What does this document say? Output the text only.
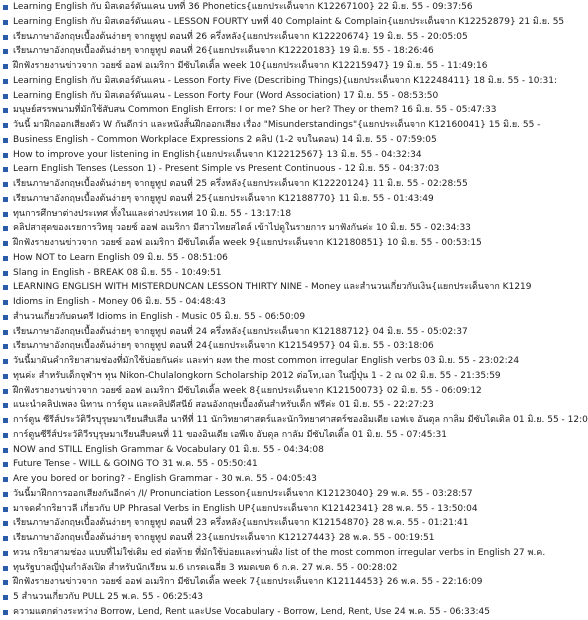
Learning English กับ มิสเตอร์ดันแคน บทที่ 36 Phonetics{แยกประเด็นจาก K12267100} 22 มิ.ย. 55 - 09:37:56
Learning English กับ มิสเตอร์ดันแคน - LESSON FOURTY บทที่ 40 Complaint & Complain{แยกประเด็นจาก K12252879} 21 มิ.ย. 55
เรียนภาษาอังกฤษเบื้องต้นง่ายๆ จากยูทูป ตอนที่ 26 ครึ่งหลัง{แยกประเด็นจาก K12220674} 19 มิ.ย. 55 - 20:05:05
เรียนภาษาอังกฤษเบื้องต้นง่ายๆ จากยูทูป ตอนที่ 26{แยกประเด็นจาก K12220183} 19 มิ.ย. 55 - 18:26:46
ฝึกฟังรายงานข่าวจาก วอยซ์ ออฟ อเมริกา มีซับไตเติ้ล week 10{แยกประเด็นจาก K12215947} 19 มิ.ย. 55 - 11:49:16
Learning English กับ มิสเตอร์ดันแคน - Lesson Forty Five (Describing Things){แยกประเด็นจาก K12248411} 18 มิ.ย. 55 - 10:31:
Learning English กับ มิสเตอร์ดันแคน - Lesson Forty Four (Word Association) 17 มิ.ย. 55 - 08:53:50
มนุษย์สรรพนามที่มักใช้สับสน Common English Errors: I or me? She or her? They or them? 16 มิ.ย. 55 - 05:47:33
วันนี้ มาฝึกออกเสียงตัว W กันดีกว่า และหนังสั้นฝึกออกเสียง เรื่อง "Misunderstandings"{แยกประเด็นจาก K12160041} 15 มิ.ย. 55 -
Business English - Common Workplace Expressions 2 คลิป (1-2 จบในตอน) 14 มิ.ย. 55 - 07:59:05
How to improve your listening in English{แยกประเด็นจาก K12212567} 13 มิ.ย. 55 - 04:32:34
Learn English Tenses (Lesson 1) - Present Simple vs Present Continuous - 12 มิ.ย. 55 - 04:37:03
เรียนภาษาอังกฤษเบื้องต้นง่ายๆ จากยูทูป ตอนที่ 25 ครึ่งหลัง{แยกประเด็นจาก K12220124} 11 มิ.ย. 55 - 02:28:55
เรียนภาษาอังกฤษเบื้องต้นง่ายๆ จากยูทูป ตอนที่ 25{แยกประเด็นจาก K12188770} 11 มิ.ย. 55 - 01:43:49
ทุนการศึกษาต่างประเทศ ทั้งในและต่างประเทศ 10 มิ.ย. 55 - 13:17:18
คลิปสาสุดของเรยการวิทยุ วอยซ์ ออฟ อเมริกา มีสาวไทยสไตล์ เข้าไปดูในรายการ มาฟังกันค่ะ 10 มิ.ย. 55 - 02:34:33
ฝึกฟังรายงานข่าวจาก วอยซ์ ออฟ อเมริกา มีซับไตเติ้ล week 9{แยกประเด็นจาก K12180851} 10 มิ.ย. 55 - 00:53:15
How NOT to Learn English 09 มิ.ย. 55 - 08:51:06
Slang in English - BREAK 08 มิ.ย. 55 - 10:49:51
LEARNING ENGLISH WITH MISTERDUNCAN LESSON THIRTY NINE - Money และสำนวนเกี่ยวกับเงิน{แยกประเด็นจาก K1219
Idioms in English - Money 06 มิ.ย. 55 - 04:48:43
สำนวนเกี่ยวกับดนตรี Idioms in English - Music 05 มิ.ย. 55 - 06:50:09
เรียนภาษาอังกฤษเบื้องต้นง่ายๆ จากยูทูป ตอนที่ 24 ครึ่งหลัง{แยกประเด็นจาก K12188712} 04 มิ.ย. 55 - 05:02:37
เรียนภาษาอังกฤษเบื้องต้นง่ายๆ จากยูทูป ตอนที่ 24{แยกประเด็นจาก K12154957} 04 มิ.ย. 55 - 03:18:06
วันนี้มาผันคำกริยาสามช่องที่มักใช้บ่อยกันค่ะ และท่า ผงท the most common irregular English verbs 03 มิ.ย. 55 - 23:02:24
ทุนค่ะ สำหรับเด็กจุฬาฯ ทุน Nikon-Chulalongkorn Scholarship 2012 ต่อโท,เอก ในญี่ปุ่น 1 - 2 ณ 02 มิ.ย. 55 - 21:35:59
ฝึกฟังรายงานข่าวจาก วอยซ์ ออฟ อเมริกา มีซับไตเติ้ล week 8{แยกประเด็นจาก K12150073} 02 มิ.ย. 55 - 06:09:12
แนะนำคลิปเพลง นิทาน การ์ตูน และคลิปดีสนีย์ สอนอังกฤษเบื้องต้นสำหรับเด็ก ฟรีค่ะ 01 มิ.ย. 55 - 22:27:23
การ์ตูน ซีรีส์ประวัติวีรบุรุษมาเรียนสืบเสือ นาทีที่ 11 นักวิทยาศาสตร์และนักวิทยาศาสตร์ชองอิมเดีย เอฟเจ อันตุล กาลิม มีซับไตเติล 01 มิ.ย. 55 - 12:0
การ์ตูนซีรีส์ประวัติวีรบุรุษมาเรียนสืบคนที่ 11 ของอินเดีย เอพีเจ อับดุล กาลัม มีซับไตเติ้ล 01 มิ.ย. 55 - 07:45:31
NOW and STILL English Grammar & Vocabulary 01 มิ.ย. 55 - 04:34:08
Future Tense - WILL & GOING TO 31 พ.ค. 55 - 05:50:41
Are you bored or boring? - English Grammar - 30 พ.ค. 55 - 04:05:43
วันนี้มาฝึกการออกเสียงกันอีกค่า /I/ Pronunciation Lesson{แยกประเด็นจาก K12123040} 29 พ.ค. 55 - 03:28:57
มาจดคำกริยาวลี เกี่ยวกับ UP Phrasal Verbs in English UP{แยกประเด็นจาก K12142341} 28 พ.ค. 55 - 13:50:04
เรียนภาษาอังกฤษเบื้องต้นง่ายๆ จากยูทูป ตอนที่ 23 ครึ่งหลัง{แยกประเด็นจาก K12154870} 28 พ.ค. 55 - 01:21:41
เรียนภาษาอังกฤษเบื้องต้นง่ายๆ จากยูทูป ตอนที่ 23{แยกประเด็นจาก K12127443} 28 พ.ค. 55 - 00:19:51
ทวน กริยาสามช่อง แบบที่ไม่ใช่เติม ed ต่อท้าย ที่มักใช้บ่อยและท่านฝั่ง list of the most common irregular verbs in English 27 พ.ค.
ทุนรัฐบาลญี่ปุ่นกำลังเปิด สำหรับนักเรียน ม.6 เกรดเฉลี่ย 3 หมดเขต 6 ก.ค. 27 พ.ค. 55 - 00:28:02
ฝึกฟังรายงานข่าวจาก วอยซ์ ออฟ อเมริกา มีซับไตเติ้ล week 7{แยกประเด็นจาก K12114453} 26 พ.ค. 55 - 22:16:09
5 สำนวนเกี่ยวกับ PULL 25 พ.ค. 55 - 06:25:43
ความแตกต่างระหว่าง Borrow, Lend, Rent และUse Vocabulary - Borrow, Lend, Rent, Use 24 พ.ค. 55 - 06:33:45
